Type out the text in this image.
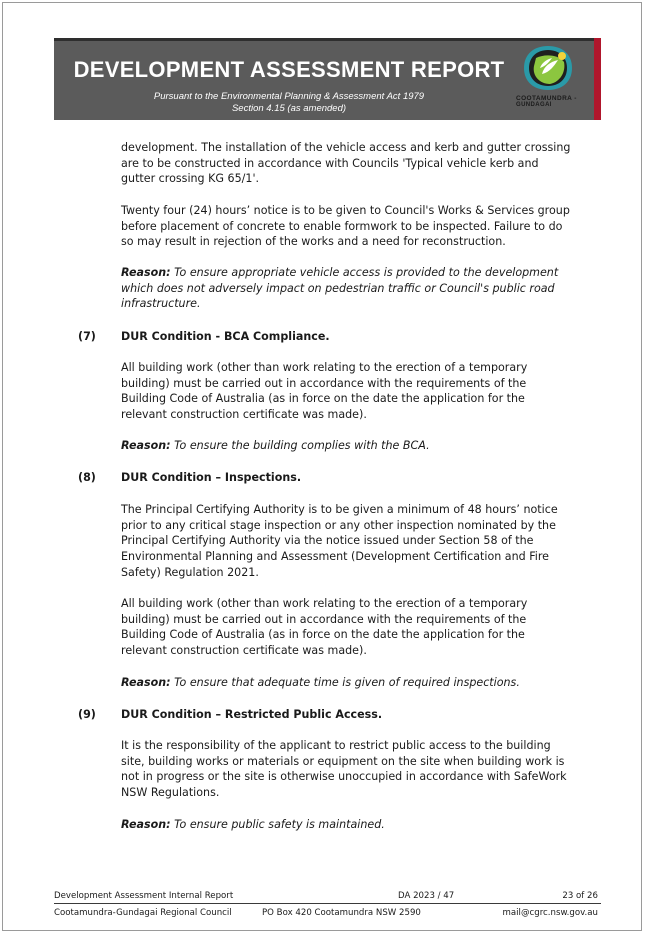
DEVELOPMENT ASSESSMENT REPORT
Pursuant to the Environmental Planning & Assessment Act 1979
Section 4.15 (as amended)
COOTAMUNDRA -
GUNDAGAI
development. The installation of the vehicle access and kerb and gutter crossing are to be constructed in accordance with Councils 'Typical vehicle kerb and gutter crossing KG 65/1'.
Twenty four (24) hours’ notice is to be given to Council's Works & Services group before placement of concrete to enable formwork to be inspected. Failure to do so may result in rejection of the works and a need for reconstruction.
Reason: To ensure appropriate vehicle access is provided to the development which does not adversely impact on pedestrian traffic or Council's public road infrastructure.
(7) DUR Condition - BCA Compliance.
All building work (other than work relating to the erection of a temporary building) must be carried out in accordance with the requirements of the Building Code of Australia (as in force on the date the application for the relevant construction certificate was made).
Reason: To ensure the building complies with the BCA.
(8) DUR Condition – Inspections.
The Principal Certifying Authority is to be given a minimum of 48 hours’ notice prior to any critical stage inspection or any other inspection nominated by the Principal Certifying Authority via the notice issued under Section 58 of the Environmental Planning and Assessment (Development Certification and Fire Safety) Regulation 2021.
All building work (other than work relating to the erection of a temporary building) must be carried out in accordance with the requirements of the Building Code of Australia (as in force on the date the application for the relevant construction certificate was made).
Reason: To ensure that adequate time is given of required inspections.
(9) DUR Condition – Restricted Public Access.
It is the responsibility of the applicant to restrict public access to the building site, building works or materials or equipment on the site when building work is not in progress or the site is otherwise unoccupied in accordance with SafeWork NSW Regulations.
Reason: To ensure public safety is maintained.
Development Assessment Internal Report	DA 2023 / 47	23 of 26
Cootamundra-Gundagai Regional Council	PO Box 420 Cootamundra NSW 2590	mail@cgrc.nsw.gov.au
